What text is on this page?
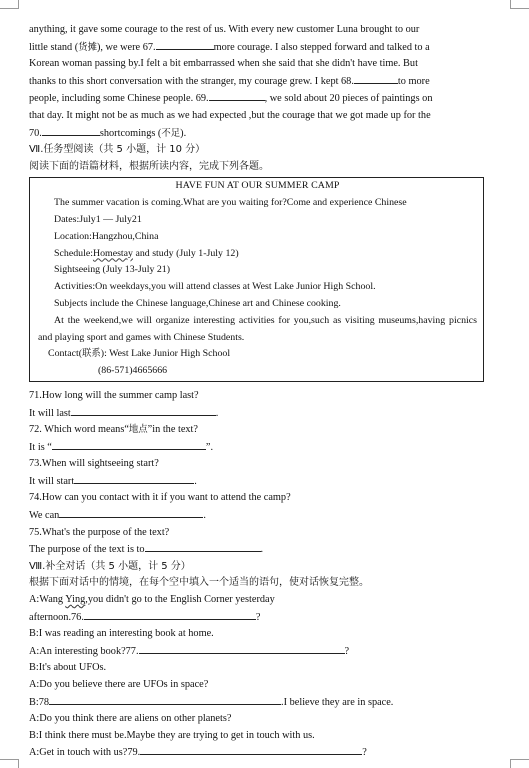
anything, it gave some courage to the rest of us. With every new customer Luna brought to our

little stand (货摊), we were 67.	more courage. I also stepped forward and talked to a

Korean woman passing by.I felt a bit embarrassed when she said that she didn't have time. But

thanks to this short conversation with the stranger, my courage grew. I kept 68.	to more

people, including some Chinese people. 69.	, we sold about 20 pieces of paintings on

that day. It might not be as much as we had expected ,but the courage that we got made up for the

70.	shortcomings (不足).

Ⅶ.任务型阅读（共 5 小题，计 10 分）

阅读下面的语篇材料，根据所读内容，完成下列各题。

HAVE FUN AT OUR SUMMER CAMP

The summer vacation is coming.What are you waiting for?Come and experience Chinese

Dates:July1 — July21

Location:Hangzhou,China

Schedule:Homestay and study (July 1-July 12)

Sightseeing (July 13-July 21)

Activities:On weekdays,you will attend classes at West Lake Junior High School.

Subjects include the Chinese language,Chinese art and Chinese cooking.

At the weekend,we will organize interesting activities for you,such as visiting museums,having picnics and playing sport and games with Chinese Students.

Contact(联系): West Lake Junior High School

(86-571)4665666

71.How long will the summer camp last?

It will last	.

72. Which word means“地点”in the text?

It is “	”.

73.When will sightseeing start?

It will start	.

74.How can you contact with it if you want to attend the camp?

We can	.

75.What's the purpose of the text?

The purpose of the text is to	.

Ⅷ.补全对话（共 5 小题，计 5 分）

根据下面对话中的情境，在每个空中填入一个适当的语句，使对话恢复完整。

A:Wang Ying,you didn't go to the English Corner yesterday

afternoon.76.	?

B:I was reading an interesting book at home.

A:An interesting book?77.	?

B:It's about UFOs.

A:Do you believe there are UFOs in space?

B:78	.I believe they are in space.

A:Do you think there are aliens on other planets?

B:I think there must be.Maybe they are trying to get in touch with us.

A:Get in touch with us?79.	?
